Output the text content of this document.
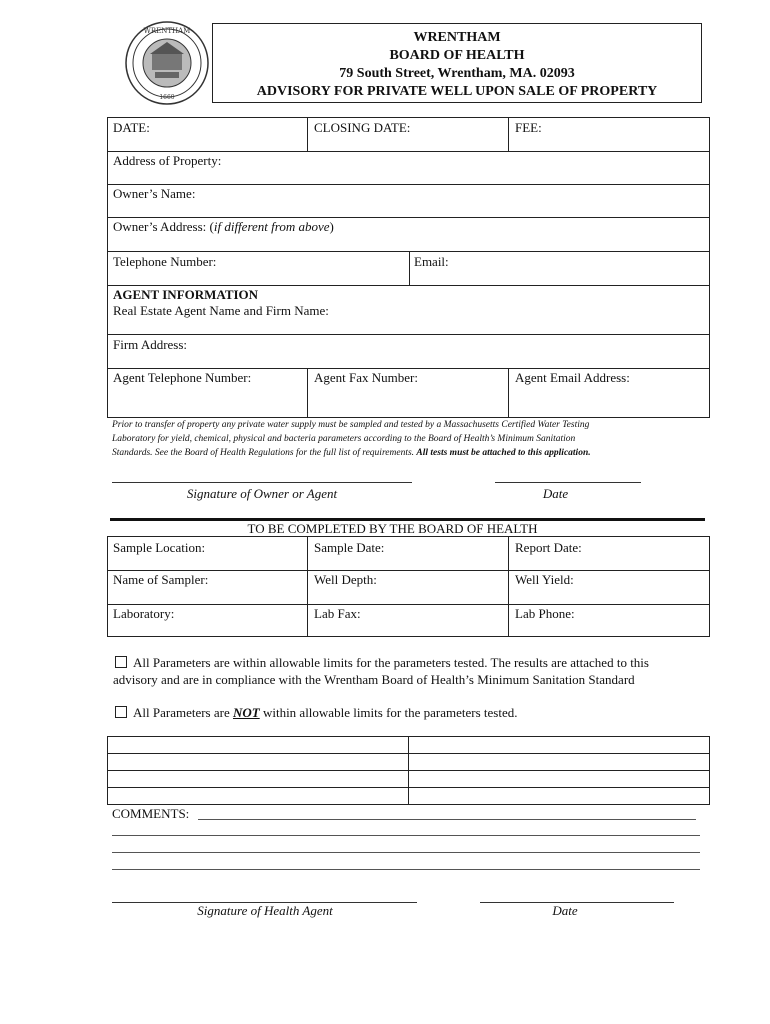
WRENTHAM
1660
WRENTHAM
BOARD OF HEALTH
79 South Street, Wrentham, MA. 02093
ADVISORY FOR PRIVATE WELL UPON SALE OF PROPERTY
DATE:	CLOSING DATE:	FEE:
Address of Property:
Owner’s Name:
Owner’s Address: (if different from above)
Telephone Number:	Email:
AGENT INFORMATION
Real Estate Agent Name and Firm Name:
Firm Address:
Agent Telephone Number:	Agent Fax Number:	Agent Email Address:
Prior to transfer of property any private water supply must be sampled and tested by a Massachusetts Certified Water Testing
Laboratory for yield, chemical, physical and bacteria parameters according to the Board of Health’s Minimum Sanitation
Standards. See the Board of Health Regulations for the full list of requirements. All tests must be attached to this application.
Signature of Owner or Agent	Date
TO BE COMPLETED BY THE BOARD OF HEALTH
Sample Location:	Sample Date:	Report Date:
Name of Sampler:	Well Depth:	Well Yield:
Laboratory:	Lab Fax:	Lab Phone:
All Parameters are within allowable limits for the parameters tested. The results are attached to this
advisory and are in compliance with the Wrentham Board of Health’s Minimum Sanitation Standard
All Parameters are NOT within allowable limits for the parameters tested.
COMMENTS:
Signature of Health Agent	Date
